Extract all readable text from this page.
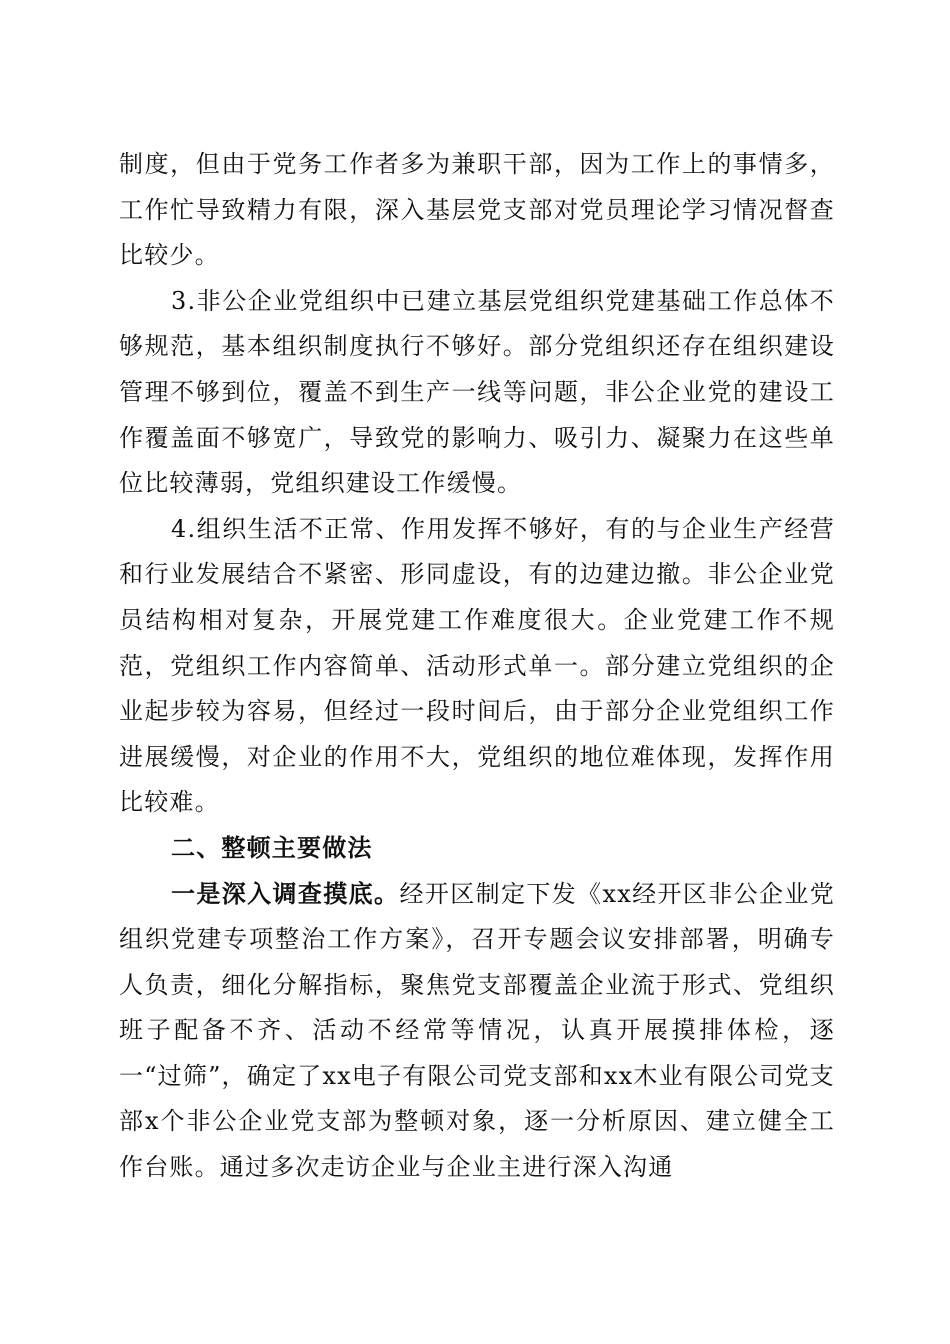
制度，但由于党务工作者多为兼职干部，因为工作上的事情多，工作忙导致精力有限，深入基层党支部对党员理论学习情况督查比较少。

3.非公企业党组织中已建立基层党组织党建基础工作总体不够规范，基本组织制度执行不够好。部分党组织还存在组织建设管理不够到位，覆盖不到生产一线等问题，非公企业党的建设工作覆盖面不够宽广，导致党的影响力、吸引力、凝聚力在这些单位比较薄弱，党组织建设工作缓慢。

4.组织生活不正常、作用发挥不够好，有的与企业生产经营和行业发展结合不紧密、形同虚设，有的边建边撤。非公企业党员结构相对复杂，开展党建工作难度很大。企业党建工作不规范，党组织工作内容简单、活动形式单一。部分建立党组织的企业起步较为容易，但经过一段时间后，由于部分企业党组织工作进展缓慢，对企业的作用不大，党组织的地位难体现，发挥作用比较难。

二、整顿主要做法

一是深入调查摸底。经开区制定下发《xx经开区非公企业党组织党建专项整治工作方案》，召开专题会议安排部署，明确专人负责，细化分解指标，聚焦党支部覆盖企业流于形式、党组织班子配备不齐、活动不经常等情况，认真开展摸排体检，逐一“过筛”，确定了xx电子有限公司党支部和xx木业有限公司党支部x个非公企业党支部为整顿对象，逐一分析原因、建立健全工作台账。通过多次走访企业与企业主进行深入沟通
